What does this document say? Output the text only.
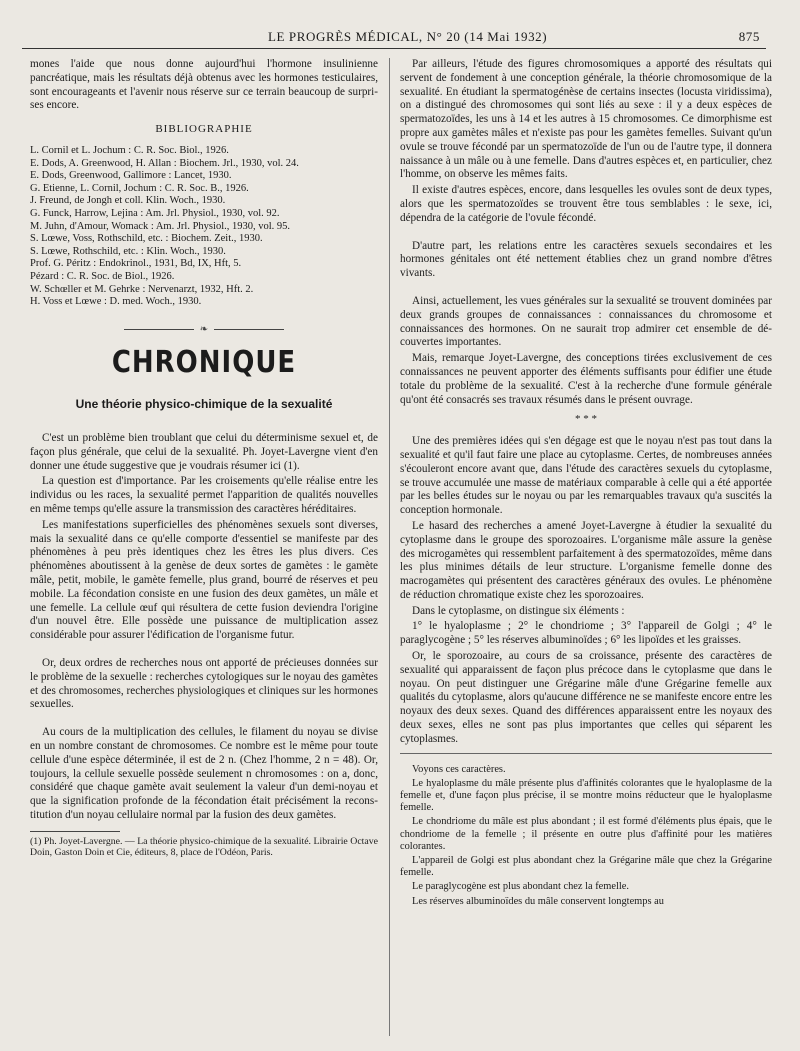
LE PROGRÈS MÉDICAL, N° 20 (14 Mai 1932)	875

mones l'aide que nous donne aujourd'hui l'hormone insulinienne pancréatique, mais les résultats déjà obtenus avec les hormones testiculaires, sont encourageants et l'avenir nous réserve sur ce terrain beaucoup de surprises encore.

BIBLIOGRAPHIE

L. Cornil et L. Jochum : C. R. Soc. Biol., 1926.

E. Dods, A. Greenwood, H. Allan : Biochem. Jrl., 1930, vol. 24.

E. Dods, Greenwood, Gallimore : Lancet, 1930.

G. Etienne, L. Cornil, Jochum : C. R. Soc. B., 1926.

J. Freund, de Jongh et coll. Klin. Woch., 1930.

G. Funck, Harrow, Lejina : Am. Jrl. Physiol., 1930, vol. 92.

M. Juhn, d'Amour, Womack : Am. Jrl. Physiol., 1930, vol. 95.

S. Lœwe, Voss, Rothschild, etc. : Biochem. Zeit., 1930.

S. Lœwe, Rothschild, etc. : Klin. Woch., 1930.

Prof. G. Péritz : Endokrinol., 1931, Bd, IX, Hft, 5.

Pézard : C. R. Soc. de Biol., 1926.

W. Schœller et M. Gehrke : Nervenarzt, 1932, Hft. 2.

H. Voss et Lœwe : D. med. Woch., 1930.

❧
CHRONIQUE
Une théorie physico-chimique de la sexualité

C'est un problème bien troublant que celui du déterminisme sexuel et, de façon plus générale, que celui de la sexualité. Ph. Joyet-Lavergne vient d'en donner une étude suggestive que je voudrais résumer ici (1).

La question est d'importance. Par les croisements qu'elle réalise entre les individus ou les races, la sexualité permet l'apparition de qualités nouvelles en même temps qu'elle assure la transmission des caractères héréditaires.

Les manifestations superficielles des phénomènes sexuels sont diverses, mais la sexualité dans ce qu'elle comporte d'essentiel se manifeste par des phénomènes à peu près identiques chez les êtres les plus divers. Ces phénomènes aboutissent à la genèse de deux sortes de gamètes : le gamète mâle, petit, mobile, le gamète femelle, plus grand, bourré de réserves et peu mobile. La fécondation consiste en une fusion des deux gamètes, un mâle et une femelle. La cellule œuf qui résultera de cette fusion deviendra l'origine d'un nouvel être. Elle possède une puissance de multiplication assez considérable pour assurer l'édification de l'organisme futur.

Or, deux ordres de recherches nous ont apporté de précieuses données sur le problème de la sexuelle : recherches cytologiques sur le noyau des gamètes et des chromosomes, recherches physiologiques et cliniques sur les hormones sexuelles.

Au cours de la multiplication des cellules, le filament du noyau se divise en un nombre constant de chromosomes. Ce nombre est le même pour toute cellule d'une espèce déterminée, il est de 2 n. (Chez l'homme, 2 n = 48). Or, toujours, la cellule sexuelle possède seulement n chromosomes : on a, donc, considéré que chaque gamète avait seulement la valeur d'un demi-noyau et que la signification profonde de la fécondation était précisément la reconstitution d'un noyau cellulaire normal par la fusion des deux gamètes.

(1) Ph. Joyet-Lavergne. — La théorie physico-chimique de la sexualité. Librairie Octave Doin, Gaston Doin et Cie, éditeurs, 8, place de l'Odéon, Paris.

Par ailleurs, l'étude des figures chromosomiques a apporté des résultats qui servent de fondement à une conception générale, la théorie chromosomique de la sexualité. En étudiant la spermatogénèse de certains insectes (locusta viridissima), on a distingué des chromosomes qui sont liés au sexe : il y a deux espèces de spermatozoïdes, les uns à 14 et les autres à 15 chromosomes. Ce dimorphisme est propre aux gamètes mâles et n'existe pas pour les gamètes femelles. Suivant qu'un ovule se trouve fécondé par un spermatozoïde de l'un ou de l'autre type, il donnera naissance à un mâle ou à une femelle. Dans d'autres espèces et, en particulier, chez l'homme, on observe les mêmes faits.

Il existe d'autres espèces, encore, dans lesquelles les ovules sont de deux types, alors que les spermatozoïdes se trouvent être tous semblables : le sexe, ici, dépendra de la catégorie de l'ovule fécondé.

D'autre part, les relations entre les caractères sexuels secondaires et les hormones génitales ont été nettement établies chez un grand nombre d'êtres vivants.

Ainsi, actuellement, les vues générales sur la sexualité se trouvent dominées par deux grands groupes de connaissances : connaissances du chromosome et connaissances des hormones. On ne saurait trop admirer cet ensemble de découvertes importantes.

Mais, remarque Joyet-Lavergne, des conceptions tirées exclusivement de ces connaissances ne peuvent apporter des éléments suffisants pour édifier une étude totale du problème de la sexualité. C'est à la recherche d'une formule générale qu'ont été consacrés ses travaux résumés dans le présent ouvrage.

* * *

Une des premières idées qui s'en dégage est que le noyau n'est pas tout dans la sexualité et qu'il faut faire une place au cytoplasme. Certes, de nombreuses années s'écouleront encore avant que, dans l'étude des caractères sexuels du cytoplasme, se trouve accumulée une masse de matériaux comparable à celle qui a été apportée par les belles études sur le noyau ou par les remarquables travaux qu'a suscités la conception hormonale.

Le hasard des recherches a amené Joyet-Lavergne à étudier la sexualité du cytoplasme dans le groupe des sporozoaires. L'organisme mâle assure la genèse des microgamètes qui ressemblent parfaitement à des spermatozoïdes, même dans les plus minimes détails de leur structure. L'organisme femelle donne des macrogamètes qui présentent des caractères généraux des ovules. Le phénomène de réduction chromatique existe chez les sporozoaires.

Dans le cytoplasme, on distingue six éléments :

1° le hyaloplasme ; 2° le chondriome ; 3° l'appareil de Golgi ; 4° le paraglycogène ; 5° les réserves albuminoïdes ; 6° les lipoïdes et les graisses.

Or, le sporozoaire, au cours de sa croissance, présente des caractères de sexualité qui apparaissent de façon plus précoce dans le cytoplasme que dans le noyau. On peut distinguer une Grégarine mâle d'une Grégarine femelle aux qualités du cytoplasme, alors qu'aucune différence ne se manifeste encore entre les noyaux des deux sexes. Quand des différences apparaissent entre les noyaux des deux sexes, elles ne sont pas plus importantes que celles qui séparent les cytoplasmes.

Voyons ces caractères.

Le hyaloplasme du mâle présente plus d'affinités colorantes que le hyaloplasme de la femelle et, d'une façon plus précise, il se montre moins réducteur que le hyaloplasme femelle.

Le chondriome du mâle est plus abondant ; il est formé d'éléments plus épais, que le chondriome de la femelle ; il présente en outre plus d'affinité pour les matières colorantes.

L'appareil de Golgi est plus abondant chez la Grégarine mâle que chez la Grégarine femelle.

Le paraglycogène est plus abondant chez la femelle.

Les réserves albuminoïdes du mâle conservent longtemps au
